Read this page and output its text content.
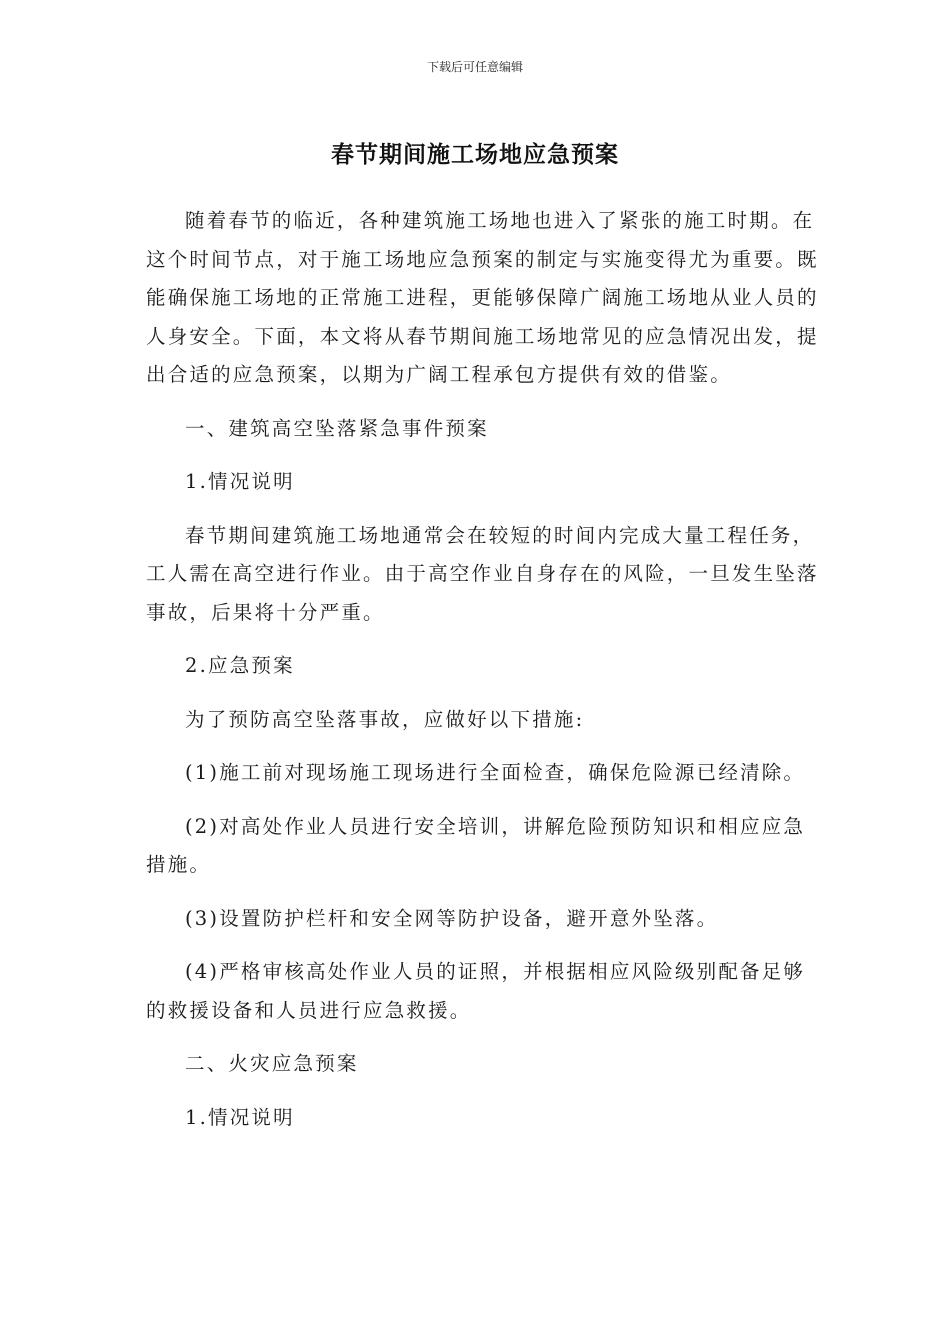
下载后可任意编辑
春节期间施工场地应急预案

随着春节的临近，各种建筑施工场地也进入了紧张的施工时期。在这个时间节点，对于施工场地应急预案的制定与实施变得尤为重要。既能确保施工场地的正常施工进程，更能够保障广阔施工场地从业人员的人身安全。下面，本文将从春节期间施工场地常见的应急情况出发，提出合适的应急预案，以期为广阔工程承包方提供有效的借鉴。

一、建筑高空坠落紧急事件预案

1.情况说明

春节期间建筑施工场地通常会在较短的时间内完成大量工程任务，工人需在高空进行作业。由于高空作业自身存在的风险，一旦发生坠落事故，后果将十分严重。

2.应急预案

为了预防高空坠落事故，应做好以下措施:

(1)施工前对现场施工现场进行全面检查，确保危险源已经清除。

(2)对高处作业人员进行安全培训，讲解危险预防知识和相应应急措施。

(3)设置防护栏杆和安全网等防护设备，避开意外坠落。

(4)严格审核高处作业人员的证照，并根据相应风险级别配备足够的救援设备和人员进行应急救援。

二、火灾应急预案

1.情况说明
